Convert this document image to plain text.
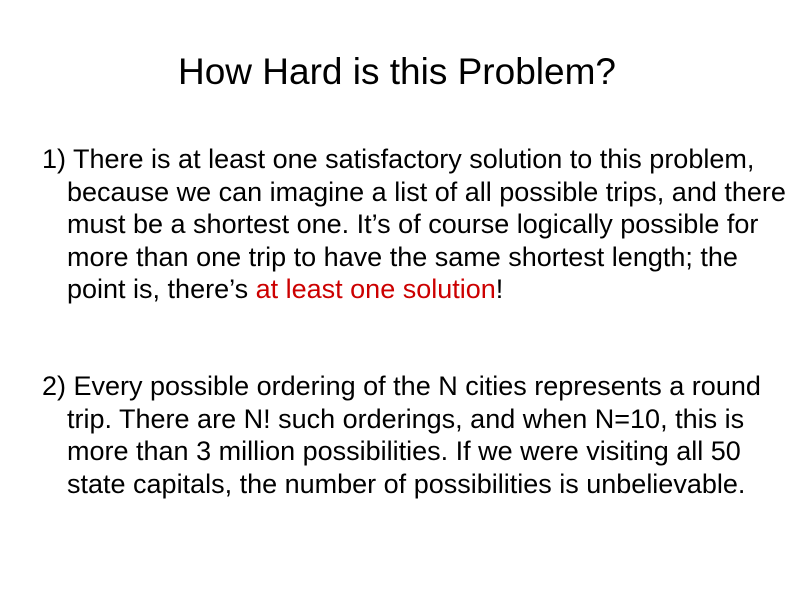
How Hard is this Problem?

1) There is at least one satisfactory solution to this problem, because we can imagine a list of all possible trips, and there must be a shortest one. It’s of course logically possible for more than one trip to have the same shortest length; the point is, there’s at least one solution!

2) Every possible ordering of the N cities represents a round trip. There are N! such orderings, and when N=10, this is more than 3 million possibilities. If we were visiting all 50 state capitals, the number of possibilities is unbelievable.
